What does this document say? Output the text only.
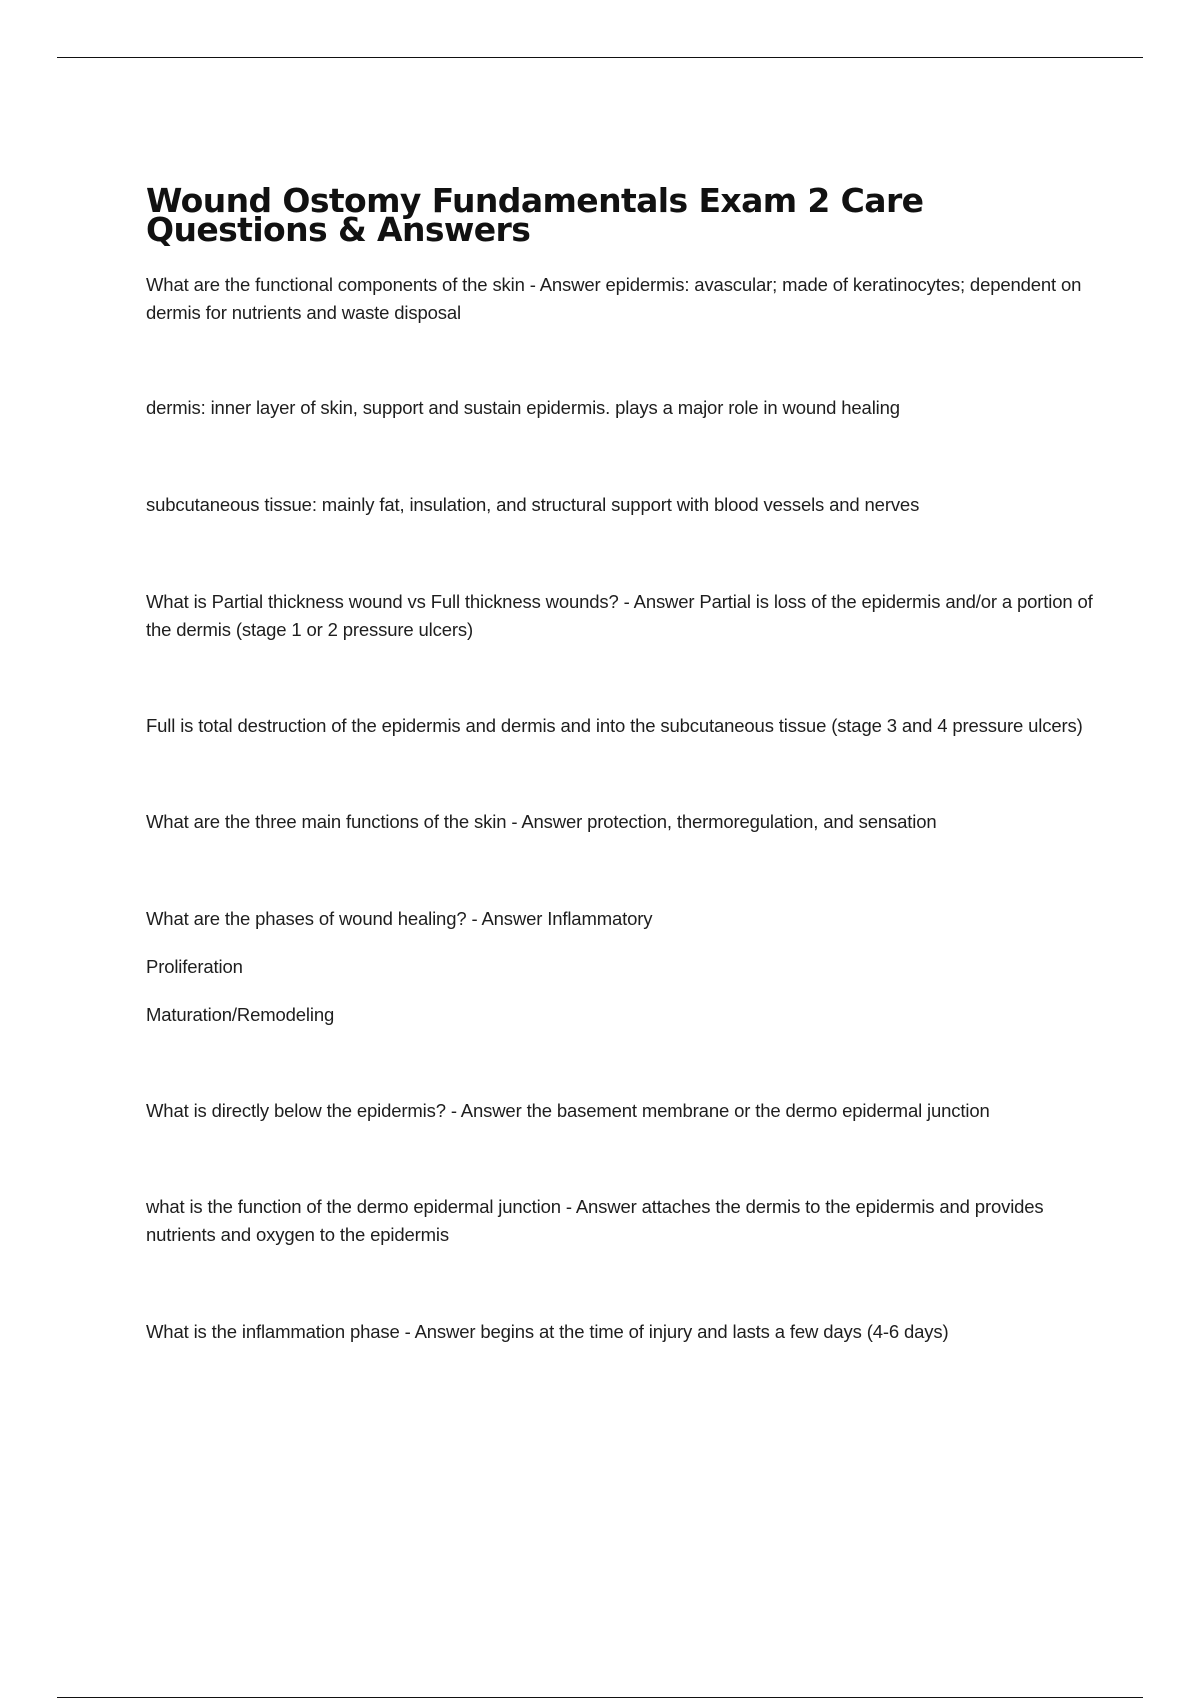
Wound Ostomy Fundamentals Exam 2 Care Questions & Answers

What are the functional components of the skin - Answer epidermis: avascular; made of keratinocytes; dependent on dermis for nutrients and waste disposal

dermis: inner layer of skin, support and sustain epidermis. plays a major role in wound healing

subcutaneous tissue: mainly fat, insulation, and structural support with blood vessels and nerves

What is Partial thickness wound vs Full thickness wounds? - Answer Partial is loss of the epidermis and/or a portion of the dermis (stage 1 or 2 pressure ulcers)

Full is total destruction of the epidermis and dermis and into the subcutaneous tissue (stage 3 and 4 pressure ulcers)

What are the three main functions of the skin - Answer protection, thermoregulation, and sensation

What are the phases of wound healing? - Answer Inflammatory

Proliferation

Maturation/Remodeling

What is directly below the epidermis? - Answer the basement membrane or the dermo epidermal junction

what is the function of the dermo epidermal junction - Answer attaches the dermis to the epidermis and provides nutrients and oxygen to the epidermis

What is the inflammation phase - Answer begins at the time of injury and lasts a few days (4-6 days)
